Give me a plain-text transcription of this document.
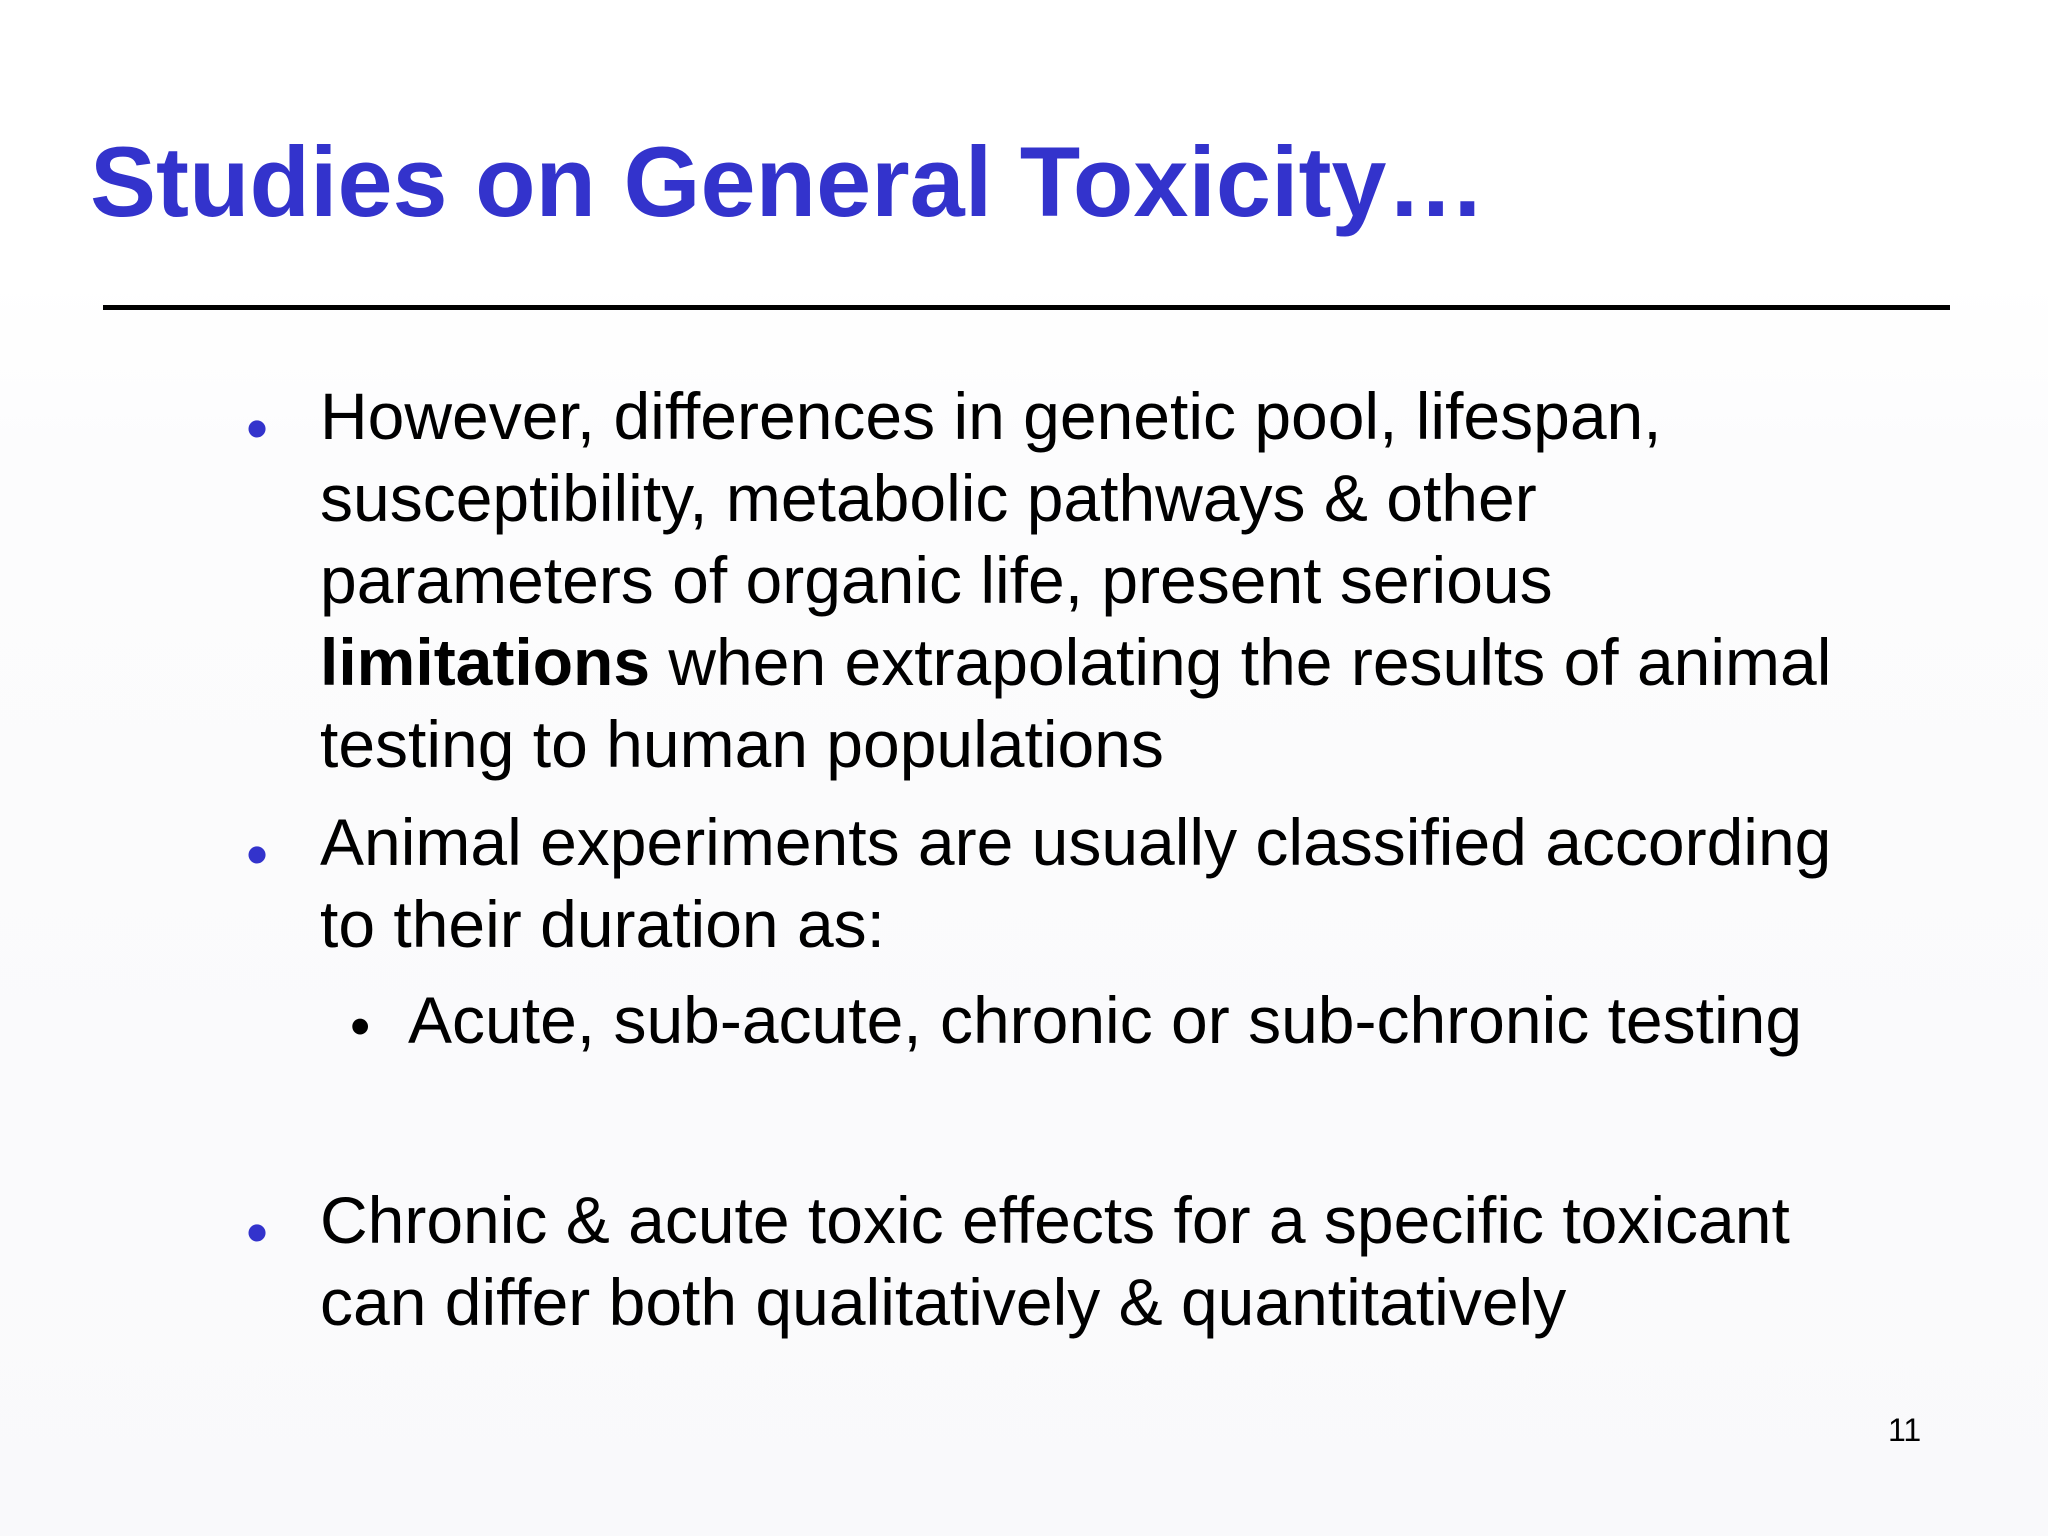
Studies on General Toxicity…
• However, differences in genetic pool, lifespan, susceptibility, metabolic pathways & other parameters of organic life, present serious limitations when extrapolating the results of animal testing to human populations
• Animal experiments are usually classified according to their duration as:
• Acute, sub-acute, chronic or sub-chronic testing
• Chronic & acute toxic effects for a specific toxicant can differ both qualitatively & quantitatively
11
